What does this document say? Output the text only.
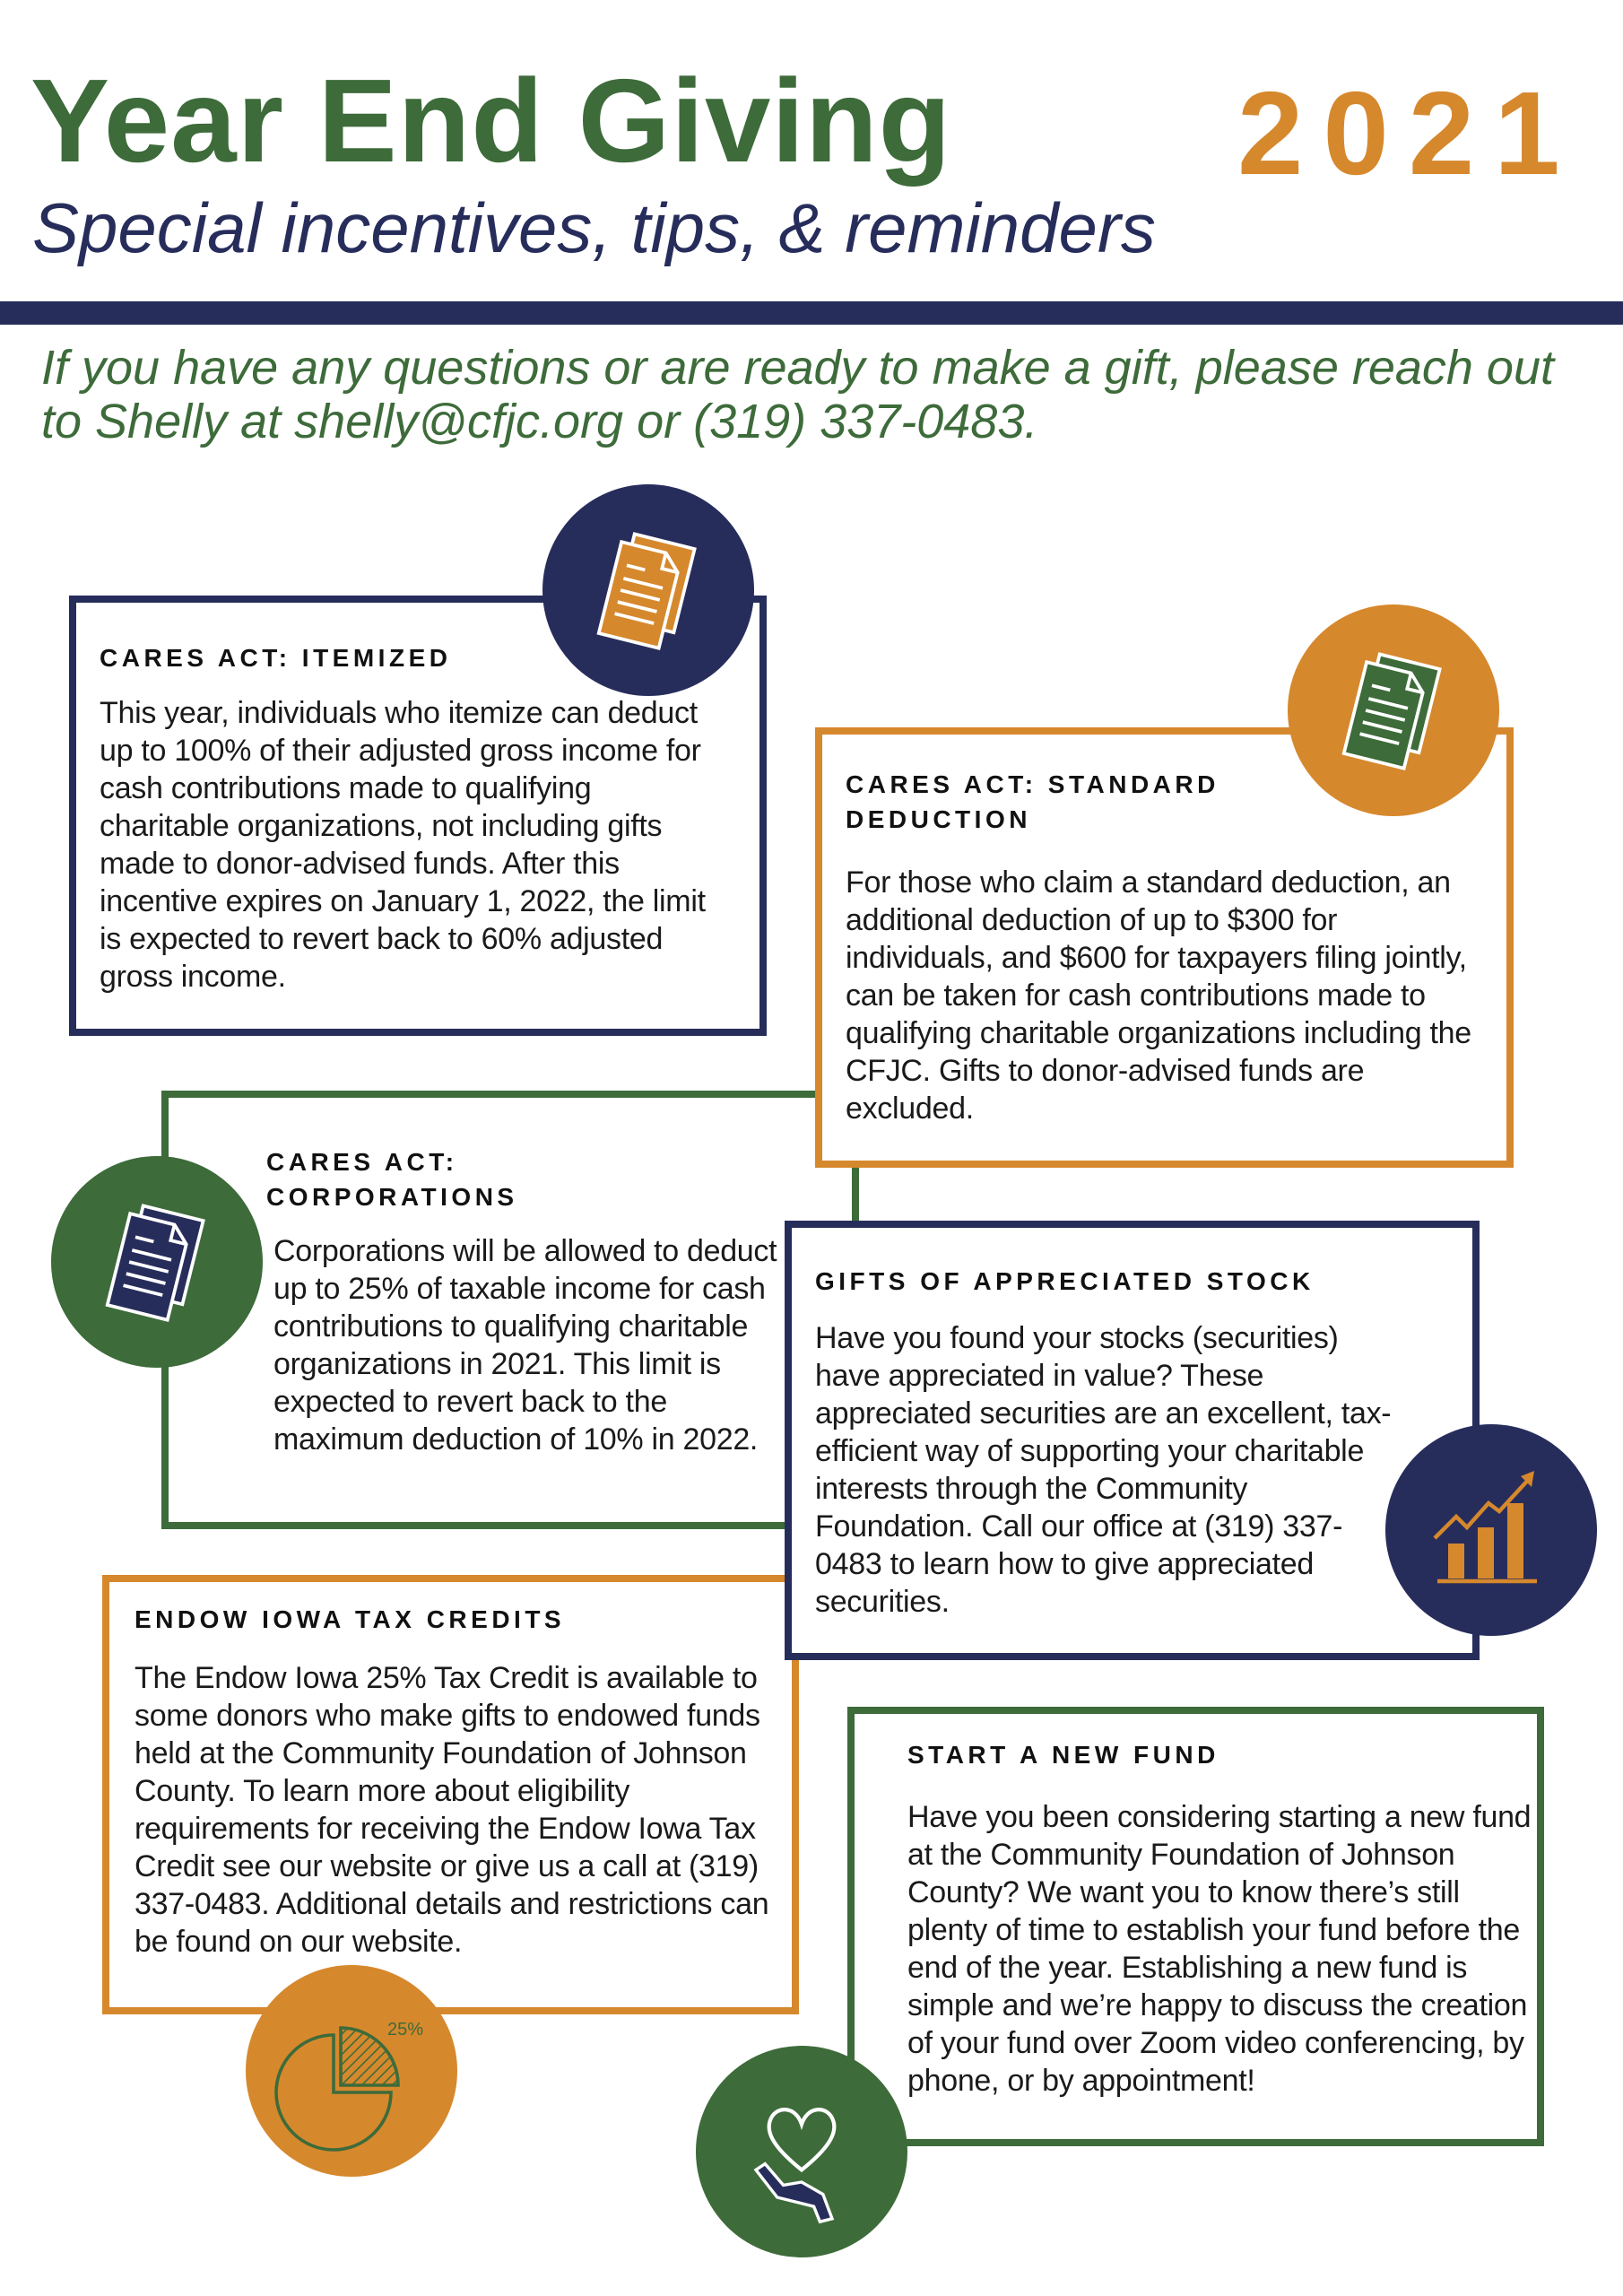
Year End Giving 2021
Special incentives, tips, & reminders
If you have any questions or are ready to make a gift, please reach out to Shelly at shelly@cfjc.org or (319) 337-0483.
CARES ACT: ITEMIZED

This year, individuals who itemize can deduct up to 100% of their adjusted gross income for cash contributions made to qualifying charitable organizations, not including gifts made to donor-advised funds. After this incentive expires on January 1, 2022, the limit is expected to revert back to 60% adjusted gross income.

CARES ACT: CORPORATIONS

Corporations will be allowed to deduct up to 25% of taxable income for cash contributions to qualifying charitable organizations in 2021. This limit is expected to revert back to the maximum deduction of 10% in 2022.

CARES ACT: STANDARD DEDUCTION

For those who claim a standard deduction, an additional deduction of up to $300 for individuals, and $600 for taxpayers filing jointly, can be taken for cash contributions made to qualifying charitable organizations including the CFJC. Gifts to donor-advised funds are excluded.

ENDOW IOWA TAX CREDITS

The Endow Iowa 25% Tax Credit is available to some donors who make gifts to endowed funds held at the Community Foundation of Johnson County. To learn more about eligibility requirements for receiving the Endow Iowa Tax Credit see our website or give us a call at (319) 337-0483. Additional details and restrictions can be found on our website.

25%
GIFTS OF APPRECIATED STOCK

Have you found your stocks (securities) have appreciated in value? These appreciated securities are an excellent, tax-efficient way of supporting your charitable interests through the Community Foundation. Call our office at (319) 337-0483 to learn how to give appreciated securities.

START A NEW FUND

Have you been considering starting a new fund at the Community Foundation of Johnson County? We want you to know there’s still plenty of time to establish your fund before the end of the year. Establishing a new fund is simple and we’re happy to discuss the creation of your fund over Zoom video conferencing, by phone, or by appointment!
